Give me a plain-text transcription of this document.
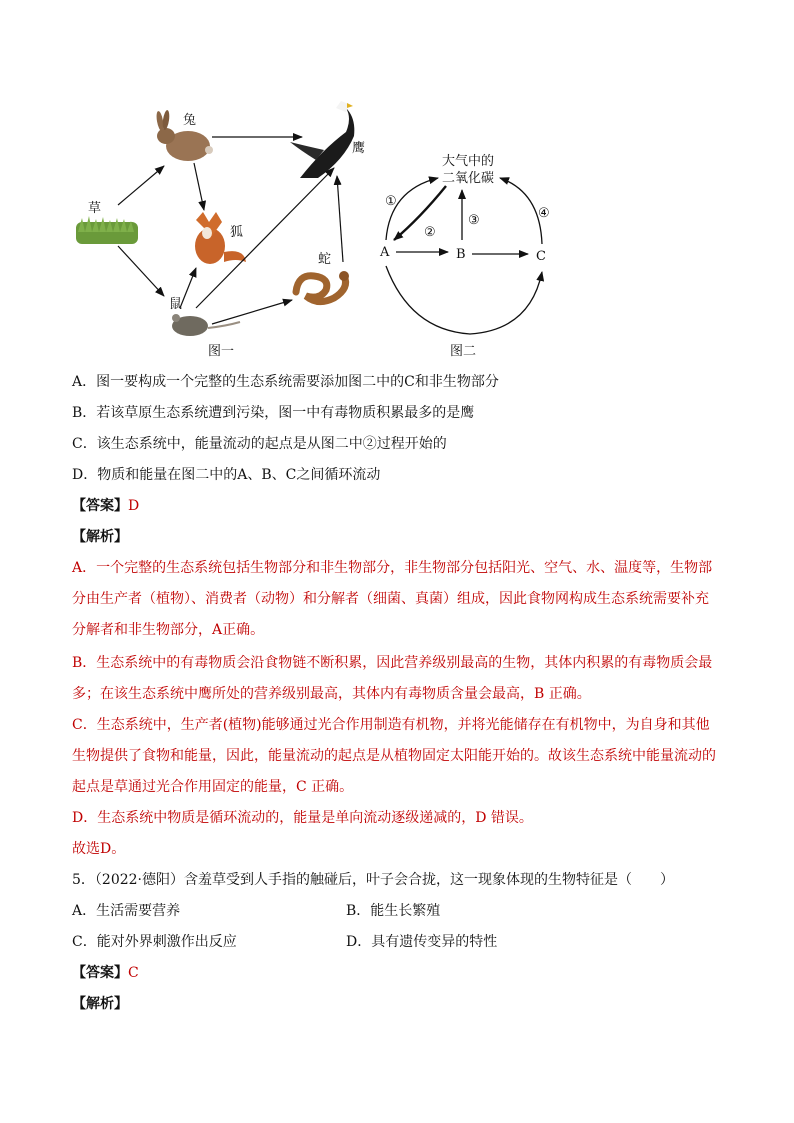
兔
鹰
草
狐
蛇
鼠
图一
大气中的
二氧化碳
A	B	C
①
②
③	④
图二
A．图一要构成一个完整的生态系统需要添加图二中的C和非生物部分
B．若该草原生态系统遭到污染，图一中有毒物质积累最多的是鹰
C．该生态系统中，能量流动的起点是从图二中②过程开始的
D．物质和能量在图二中的A、B、C之间循环流动
【答案】D
【解析】
A．一个完整的生态系统包括生物部分和非生物部分，非生物部分包括阳光、空气、水、温度等，生物部分由生产者（植物）、消费者（动物）和分解者（细菌、真菌）组成，因此食物网构成生态系统需要补充分解者和非生物部分，A正确。
B．生态系统中的有毒物质会沿食物链不断积累，因此营养级别最高的生物，其体内积累的有毒物质会最多；在该生态系统中鹰所处的营养级别最高，其体内有毒物质含量会最高，B 正确。
C．生态系统中，生产者(植物)能够通过光合作用制造有机物，并将光能储存在有机物中，为自身和其他生物提供了食物和能量，因此，能量流动的起点是从植物固定太阳能开始的。故该生态系统中能量流动的起点是草通过光合作用固定的能量，C 正确。
D．生态系统中物质是循环流动的，能量是单向流动逐级递减的，D 错误。
故选D。
5．（2022·德阳）含羞草受到人手指的触碰后，叶子会合拢，这一现象体现的生物特征是（　　）
A．生活需要营养	B．能生长繁殖
C．能对外界刺激作出反应	D．具有遗传变异的特性
【答案】C
【解析】
